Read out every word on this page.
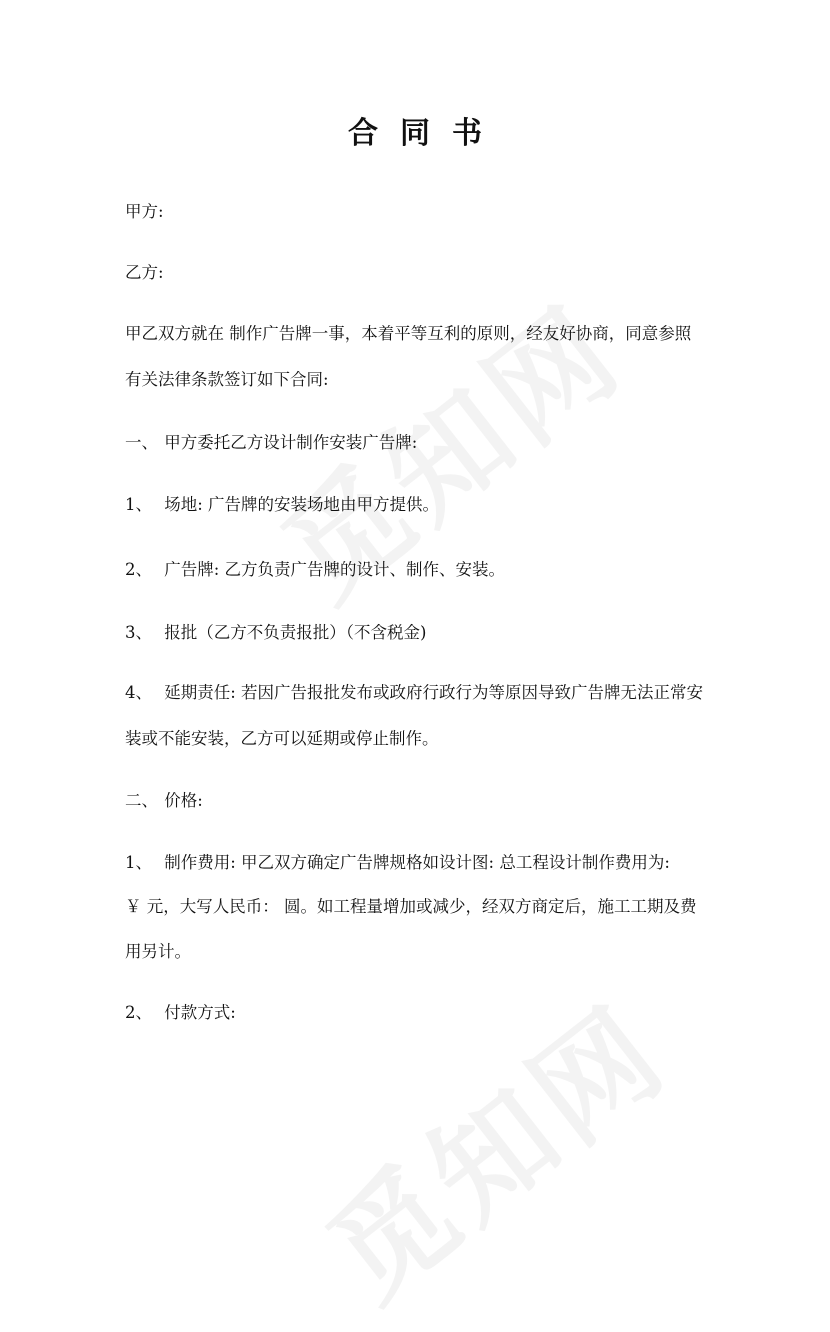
合同书
甲方:
乙方:
甲乙双方就在 制作广告牌一事，本着平等互利的原则，经友好协商，同意参照
有关法律条款签订如下合同:
一、 甲方委托乙方设计制作安装广告牌:
1、 场地: 广告牌的安装场地由甲方提供。
2、 广告牌: 乙方负责广告牌的设计、制作、安装。
3、 报批（乙方不负责报批）（不含税金)
4、 延期责任: 若因广告报批发布或政府行政行为等原因导致广告牌无法正常安
装或不能安装，乙方可以延期或停止制作。
二、 价格:
1、 制作费用: 甲乙双方确定广告牌规格如设计图: 总工程设计制作费用为:
￥ 元，大写人民币： 圆。如工程量增加或减少，经双方商定后，施工工期及费
用另计。
2、 付款方式:
